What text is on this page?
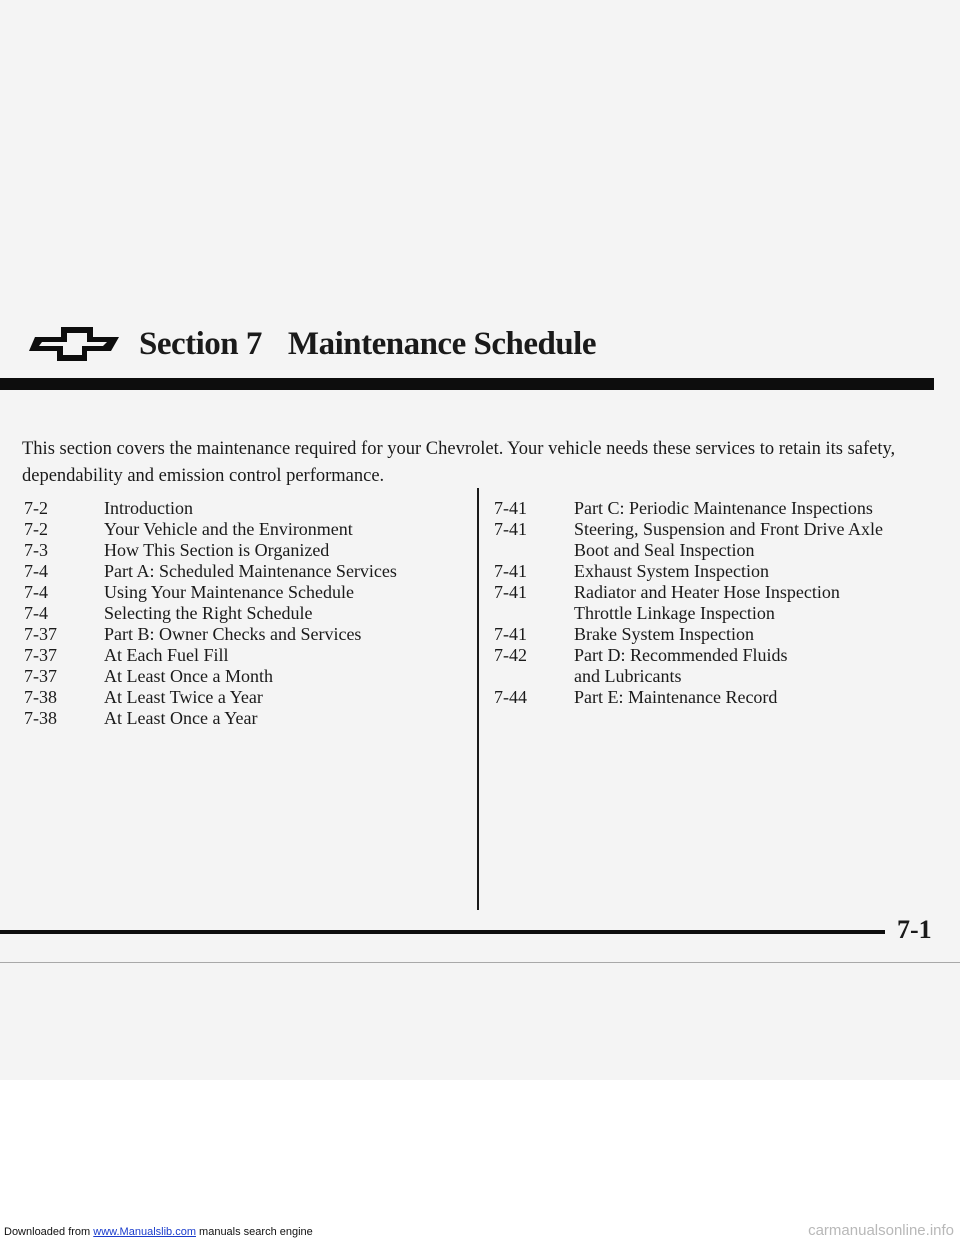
Section 7 Maintenance Schedule

This section covers the maintenance required for your Chevrolet. Your vehicle needs these services to retain its safety, dependability and emission control performance.

7-2	Introduction
7-2	Your Vehicle and the Environment
7-3	How This Section is Organized
7-4	Part A: Scheduled Maintenance Services
7-4	Using Your Maintenance Schedule
7-4	Selecting the Right Schedule
7-37	Part B: Owner Checks and Services
7-37	At Each Fuel Fill
7-37	At Least Once a Month
7-38	At Least Twice a Year
7-38	At Least Once a Year
7-41	Part C: Periodic Maintenance Inspections
7-41	Steering, Suspension and Front Drive Axle
Boot and Seal Inspection
7-41	Exhaust System Inspection
7-41	Radiator and Heater Hose Inspection
Throttle Linkage Inspection
7-41	Brake System Inspection
7-42	Part D: Recommended Fluids
and Lubricants
7-44	Part E: Maintenance Record
7-1
Downloaded from www.Manualslib.com manuals search engine	carmanualsonline.info
